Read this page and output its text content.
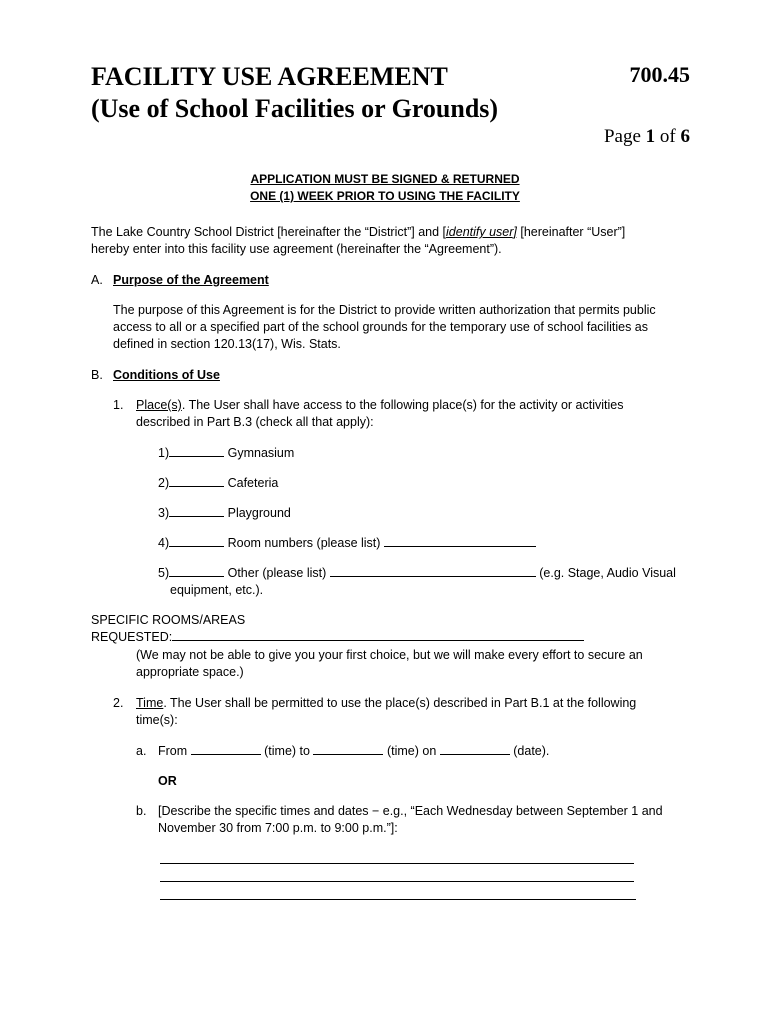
FACILITY USE AGREEMENT
(Use of School Facilities or Grounds)
700.45
Page 1 of 6
APPLICATION MUST BE SIGNED & RETURNED
ONE (1) WEEK PRIOR TO USING THE FACILITY
The Lake Country School District [hereinafter the “District”] and [identify user] [hereinafter “User”]
hereby enter into this facility use agreement (hereinafter the “Agreement”).
A. Purpose of the Agreement
The purpose of this Agreement is for the District to provide written authorization that permits public
access to all or a specified part of the school grounds for the temporary use of school facilities as
defined in section 120.13(17), Wis. Stats.
B. Conditions of Use
1. Place(s). The User shall have access to the following place(s) for the activity or activities
described in Part B.3 (check all that apply):
1)	Gymnasium
2)	Cafeteria
3)	Playground
4)	Room numbers (please list)
5)	Other (please list)	(e.g. Stage, Audio Visual
equipment, etc.).
SPECIFIC ROOMS/AREAS
REQUESTED:
(We may not be able to give you your first choice, but we will make every effort to secure an
appropriate space.)
2. Time. The User shall be permitted to use the place(s) described in Part B.1 at the following
time(s):
a. From	(time) to	(time) on	(date).
OR
b. [Describe the specific times and dates − e.g., “Each Wednesday between September 1 and
November 30 from 7:00 p.m. to 9:00 p.m.”]:
